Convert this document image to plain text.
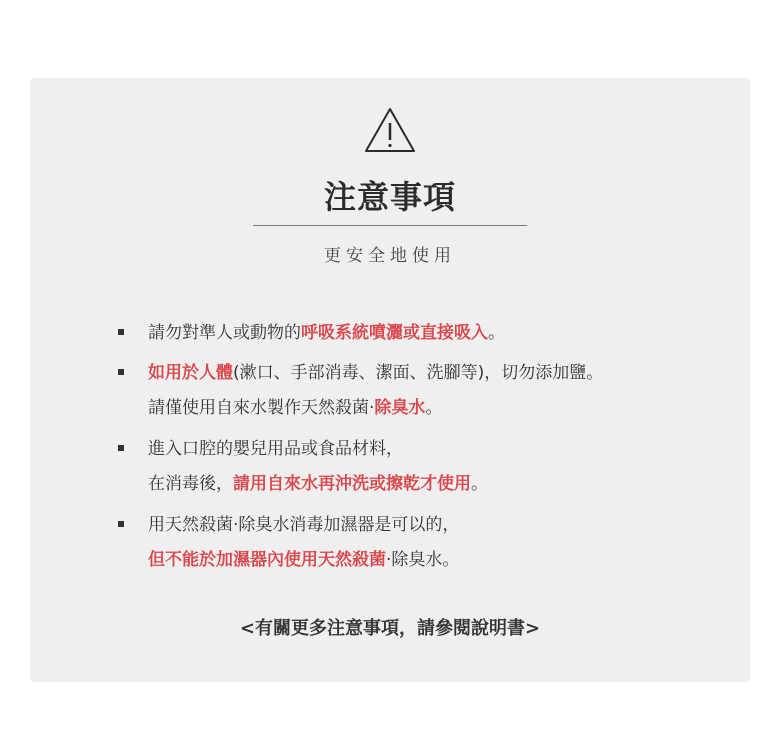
注意事項
更安全地使用
請勿對準人或動物的呼吸系統噴灑或直接吸入。
如用於人體(漱口、手部消毒、潔面、洗腳等)，切勿添加鹽。
請僅使用自來水製作天然殺菌·除臭水。
進入口腔的嬰兒用品或食品材料，
在消毒後，請用自來水再沖洗或擦乾才使用。
用天然殺菌·除臭水消毒加濕器是可以的，
但不能於加濕器內使用天然殺菌·除臭水。
<有關更多注意事項，請參閱說明書>
